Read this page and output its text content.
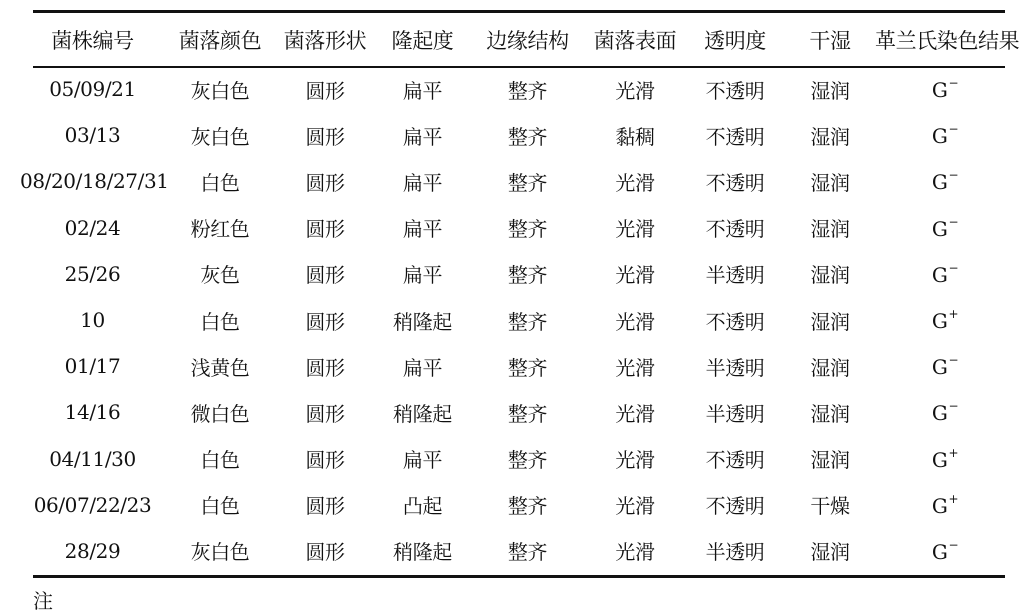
菌株编号	菌落颜色	菌落形状	隆起度	边缘结构	菌落表面	透明度	干湿	革兰氏染色结果
05/09/21	灰白色	圆形	扁平	整齐	光滑	不透明	湿润	G−
03/13	灰白色	圆形	扁平	整齐	黏稠	不透明	湿润	G−
08/20/18/27/31	白色	圆形	扁平	整齐	光滑	不透明	湿润	G−
02/24	粉红色	圆形	扁平	整齐	光滑	不透明	湿润	G−
25/26	灰色	圆形	扁平	整齐	光滑	半透明	湿润	G−
10	白色	圆形	稍隆起	整齐	光滑	不透明	湿润	G+
01/17	浅黄色	圆形	扁平	整齐	光滑	半透明	湿润	G−
14/16	微白色	圆形	稍隆起	整齐	光滑	半透明	湿润	G−
04/11/30	白色	圆形	扁平	整齐	光滑	不透明	湿润	G+
06/07/22/23	白色	圆形	凸起	整齐	光滑	不透明	干燥	G+
28/29	灰白色	圆形	稍隆起	整齐	光滑	半透明	湿润	G−
注
